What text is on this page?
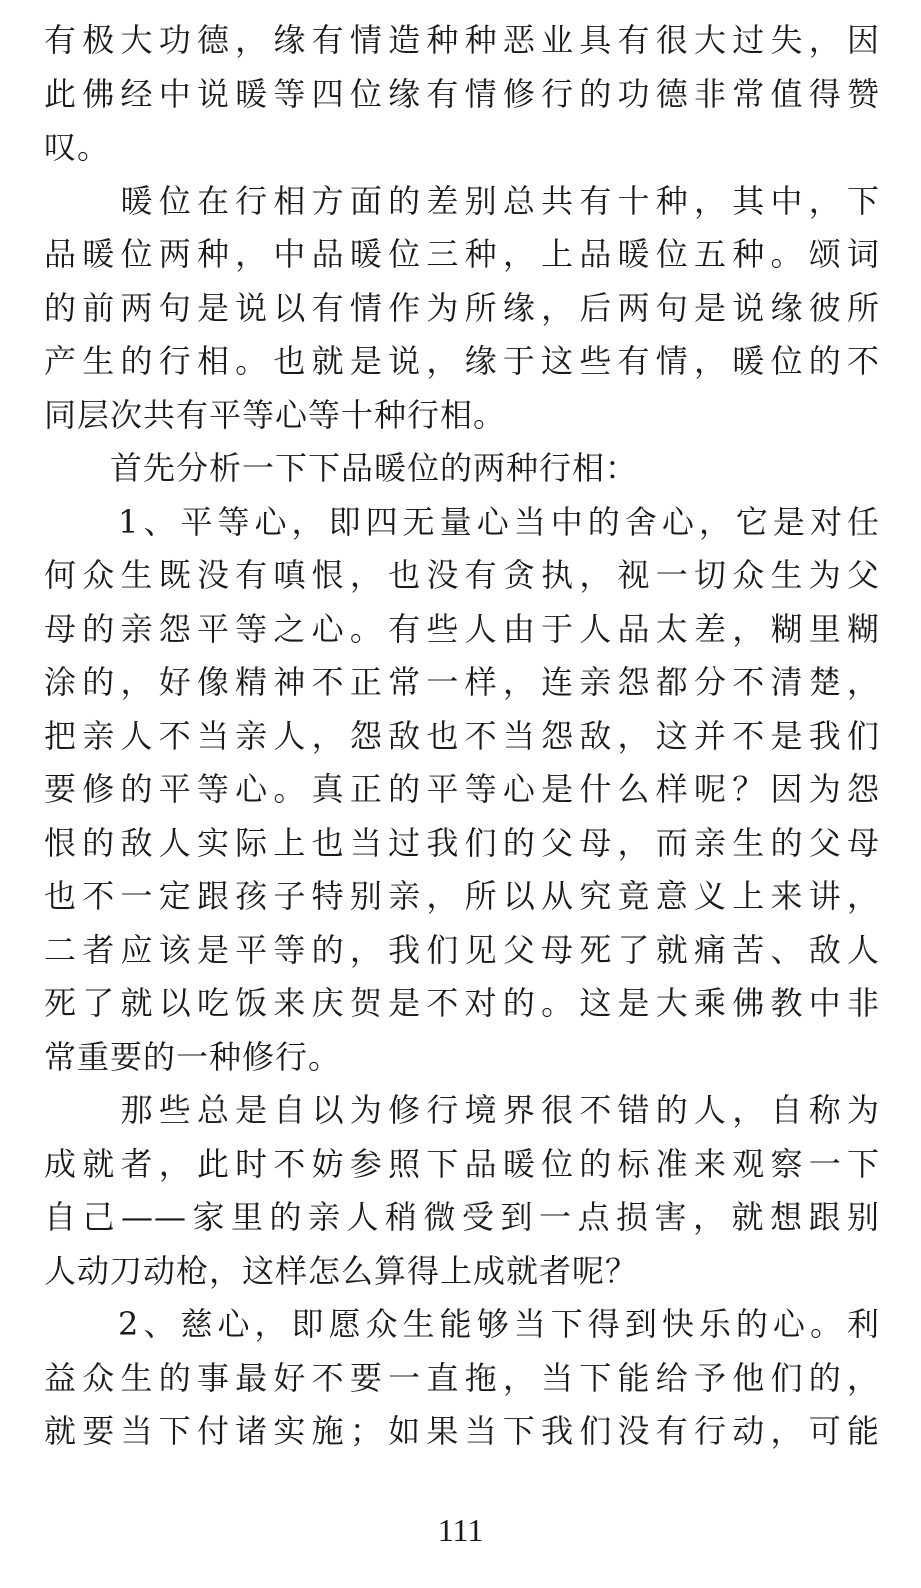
有极大功德，缘有情造种种恶业具有很大过失，因
此佛经中说暖等四位缘有情修行的功德非常值得赞
叹。
　　暖位在行相方面的差别总共有十种，其中，下
品暖位两种，中品暖位三种，上品暖位五种。颂词
的前两句是说以有情作为所缘，后两句是说缘彼所
产生的行相。也就是说，缘于这些有情，暖位的不
同层次共有平等心等十种行相。
　　首先分析一下下品暖位的两种行相：
　　1、平等心，即四无量心当中的舍心，它是对任
何众生既没有嗔恨，也没有贪执，视一切众生为父
母的亲怨平等之心。有些人由于人品太差，糊里糊
涂的，好像精神不正常一样，连亲怨都分不清楚，
把亲人不当亲人，怨敌也不当怨敌，这并不是我们
要修的平等心。真正的平等心是什么样呢？因为怨
恨的敌人实际上也当过我们的父母，而亲生的父母
也不一定跟孩子特别亲，所以从究竟意义上来讲，
二者应该是平等的，我们见父母死了就痛苦、敌人
死了就以吃饭来庆贺是不对的。这是大乘佛教中非
常重要的一种修行。
　　那些总是自以为修行境界很不错的人，自称为
成就者，此时不妨参照下品暖位的标准来观察一下
自己——家里的亲人稍微受到一点损害，就想跟别
人动刀动枪，这样怎么算得上成就者呢？
　　2、慈心，即愿众生能够当下得到快乐的心。利
益众生的事最好不要一直拖，当下能给予他们的，
就要当下付诸实施；如果当下我们没有行动，可能
111
